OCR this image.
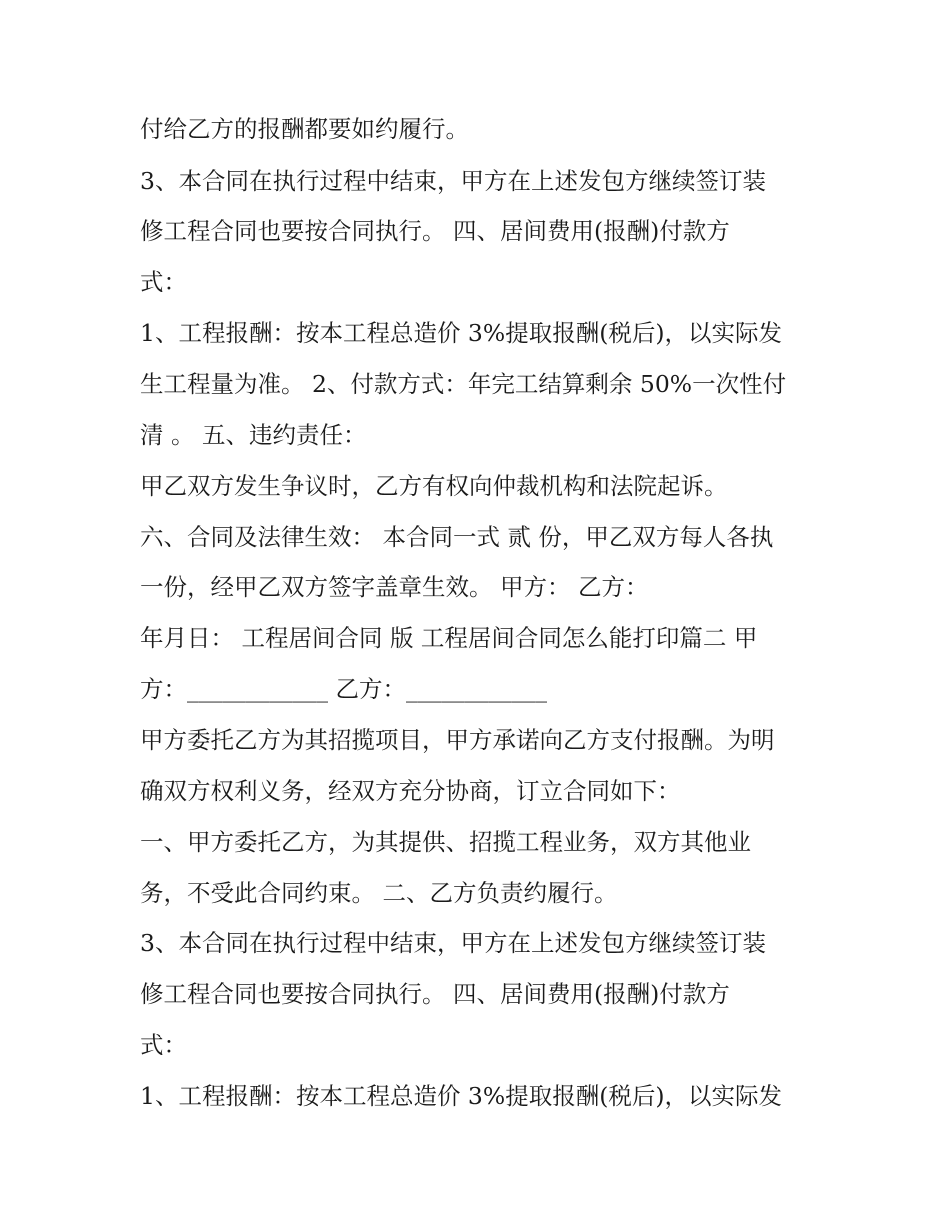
付给乙方的报酬都要如约履行。
3、本合同在执行过程中结束，甲方在上述发包方继续签订装
修工程合同也要按合同执行。 四、居间费用(报酬)付款方
式：
1、工程报酬：按本工程总造价 3%提取报酬(税后)，以实际发
生工程量为准。 2、付款方式：年完工结算剩余 50%一次性付
清 。 五、违约责任：
甲乙双方发生争议时，乙方有权向仲裁机构和法院起诉。
六、合同及法律生效： 本合同一式 贰 份，甲乙双方每人各执
一份，经甲乙双方签字盖章生效。 甲方： 乙方：
年月日： 工程居间合同 版 工程居间合同怎么能打印篇二 甲
方：____________ 乙方：____________
甲方委托乙方为其招揽项目，甲方承诺向乙方支付报酬。为明
确双方权利义务，经双方充分协商，订立合同如下：
一、甲方委托乙方，为其提供、招揽工程业务，双方其他业
务，不受此合同约束。 二、乙方负责约履行。
3、本合同在执行过程中结束，甲方在上述发包方继续签订装
修工程合同也要按合同执行。 四、居间费用(报酬)付款方
式：
1、工程报酬：按本工程总造价 3%提取报酬(税后)，以实际发
